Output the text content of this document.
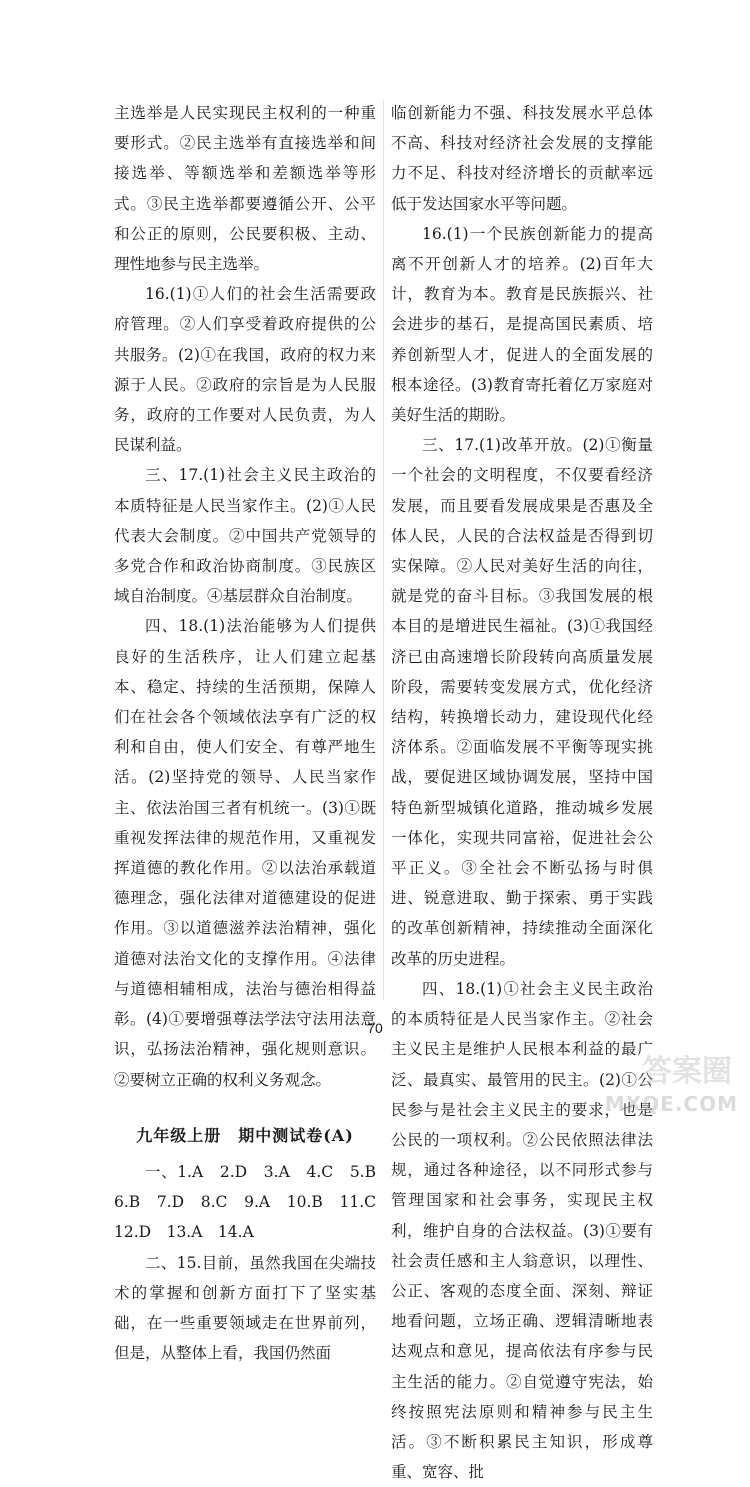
主选举是人民实现民主权利的一种重要形式。②民主选举有直接选举和间接选举、等额选举和差额选举等形式。③民主选举都要遵循公开、公平和公正的原则，公民要积极、主动、理性地参与民主选举。

16.(1)①人们的社会生活需要政府管理。②人们享受着政府提供的公共服务。(2)①在我国，政府的权力来源于人民。②政府的宗旨是为人民服务，政府的工作要对人民负责，为人民谋利益。

三、17.(1)社会主义民主政治的本质特征是人民当家作主。(2)①人民代表大会制度。②中国共产党领导的多党合作和政治协商制度。③民族区域自治制度。④基层群众自治制度。

四、18.(1)法治能够为人们提供良好的生活秩序，让人们建立起基本、稳定、持续的生活预期，保障人们在社会各个领域依法享有广泛的权利和自由，使人们安全、有尊严地生活。(2)坚持党的领导、人民当家作主、依法治国三者有机统一。(3)①既重视发挥法律的规范作用，又重视发挥道德的教化作用。②以法治承载道德理念，强化法律对道德建设的促进作用。③以道德滋养法治精神，强化道德对法治文化的支撑作用。④法律与道德相辅相成，法治与德治相得益彰。(4)①要增强尊法学法守法用法意识，弘扬法治精神，强化规则意识。②要树立正确的权利义务观念。

九年级上册　期中测试卷(A)

一、1.A　2.D　3.A　4.C　5.B　6.B　7.D　8.C　9.A　10.B　11.C　12.D　13.A　14.A

二、15.目前，虽然我国在尖端技术的掌握和创新方面打下了坚实基础，在一些重要领域走在世界前列，但是，从整体上看，我国仍然面

临创新能力不强、科技发展水平总体不高、科技对经济社会发展的支撑能力不足、科技对经济增长的贡献率远低于发达国家水平等问题。

16.(1)一个民族创新能力的提高离不开创新人才的培养。(2)百年大计，教育为本。教育是民族振兴、社会进步的基石，是提高国民素质、培养创新型人才，促进人的全面发展的根本途径。(3)教育寄托着亿万家庭对美好生活的期盼。

三、17.(1)改革开放。(2)①衡量一个社会的文明程度，不仅要看经济发展，而且要看发展成果是否惠及全体人民，人民的合法权益是否得到切实保障。②人民对美好生活的向往，就是党的奋斗目标。③我国发展的根本目的是增进民生福祉。(3)①我国经济已由高速增长阶段转向高质量发展阶段，需要转变发展方式，优化经济结构，转换增长动力，建设现代化经济体系。②面临发展不平衡等现实挑战，要促进区域协调发展，坚持中国特色新型城镇化道路，推动城乡发展一体化，实现共同富裕，促进社会公平正义。③全社会不断弘扬与时俱进、锐意进取、勤于探索、勇于实践的改革创新精神，持续推动全面深化改革的历史进程。

四、18.(1)①社会主义民主政治的本质特征是人民当家作主。②社会主义民主是维护人民根本利益的最广泛、最真实、最管用的民主。(2)①公民参与是社会主义民主的要求，也是公民的一项权利。②公民依照法律法规，通过各种途径，以不同形式参与管理国家和社会事务，实现民主权利，维护自身的合法权益。(3)①要有社会责任感和主人翁意识，以理性、公正、客观的态度全面、深刻、辩证地看问题，立场正确、逻辑清晰地表达观点和意见，提高依法有序参与民主生活的能力。②自觉遵守宪法，始终按照宪法原则和精神参与民主生活。③不断积累民主知识，形成尊重、宽容、批

70
答案圈
MXQE.COM
